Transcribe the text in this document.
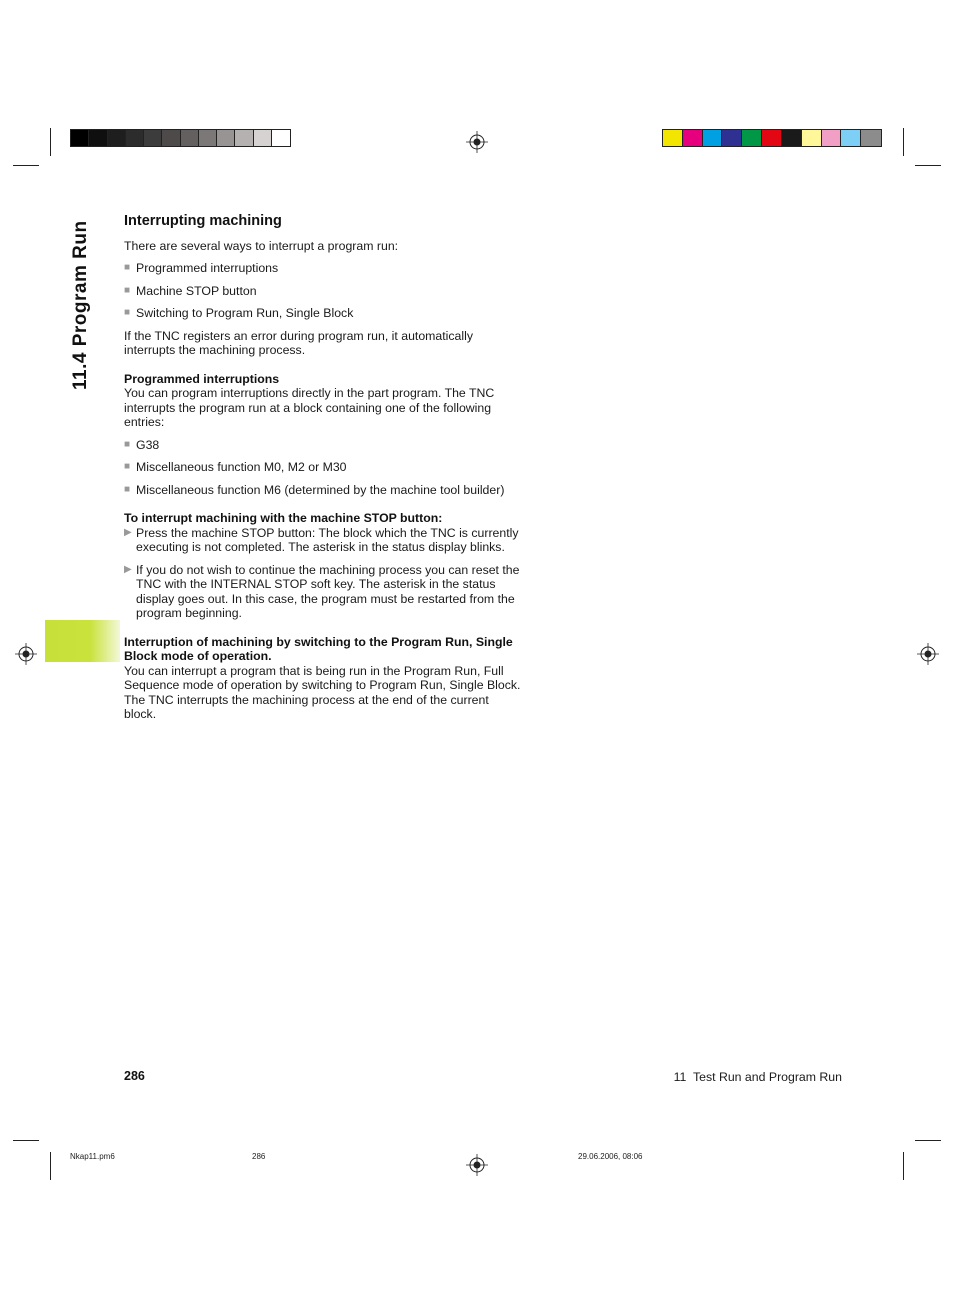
11.4 Program Run Interrupting machining

There are several ways to interrupt a program run:

■ Programmed interruptions

■ Machine STOP button

■ Switching to Program Run, Single Block

If the TNC registers an error during program run, it automatically interrupts the machining process.

Programmed interruptions

You can program interruptions directly in the part program. The TNC interrupts the program run at a block containing one of the following entries:

■ G38

■ Miscellaneous function M0, M2 or M30

■ Miscellaneous function M6 (determined by the machine tool builder)

To interrupt machining with the machine STOP button:

▶ Press the machine STOP button: The block which the TNC is currently executing is not completed. The asterisk in the status display blinks.

▶ If you do not wish to continue the machining process you can reset the TNC with the INTERNAL STOP soft key. The asterisk in the status display goes out. In this case, the program must be restarted from the program beginning.

Interruption of machining by switching to the Program Run, Single Block mode of operation.

You can interrupt a program that is being run in the Program Run, Full Sequence mode of operation by switching to Program Run, Single Block. The TNC interrupts the machining process at the end of the current block.

286	11  Test Run and Program Run
Nkap11.pm6	286	29.06.2006, 08:06
